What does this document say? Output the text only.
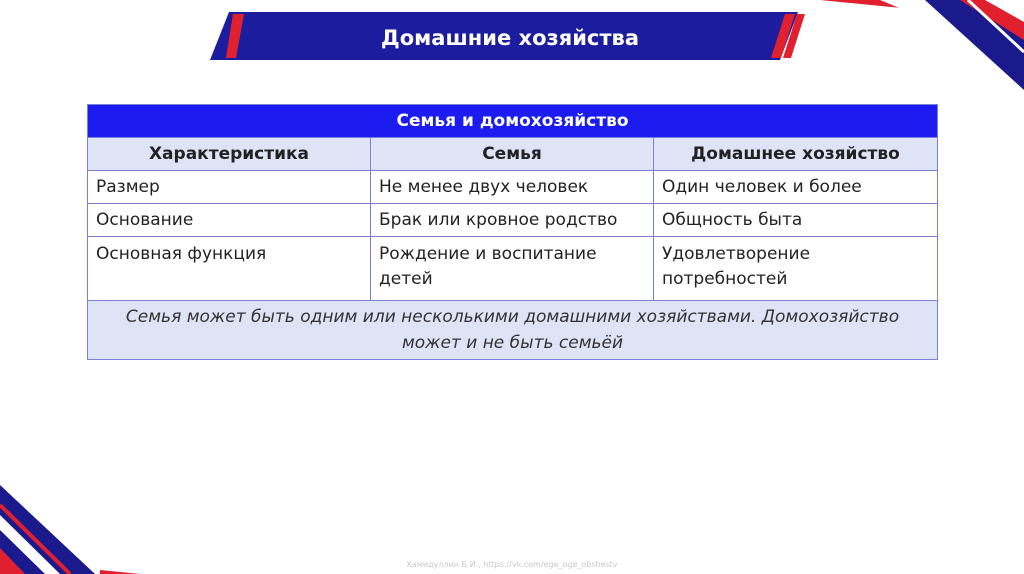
Домашние хозяйства
Семья и домохозяйство		
Характеристика	Семья	Домашнее хозяйство
Размер	Не менее двух человек	Один человек и более
Основание	Брак или кровное родство	Общность быта
Основная функция	Рождение и воспитание детей	Удовлетворение потребностей
Семья может быть одним или несколькими домашними хозяйствами. Домохозяйство может и не быть семьёй		
Хамидуллин Б.И., https://vk.com/ege_oge_obshestv
